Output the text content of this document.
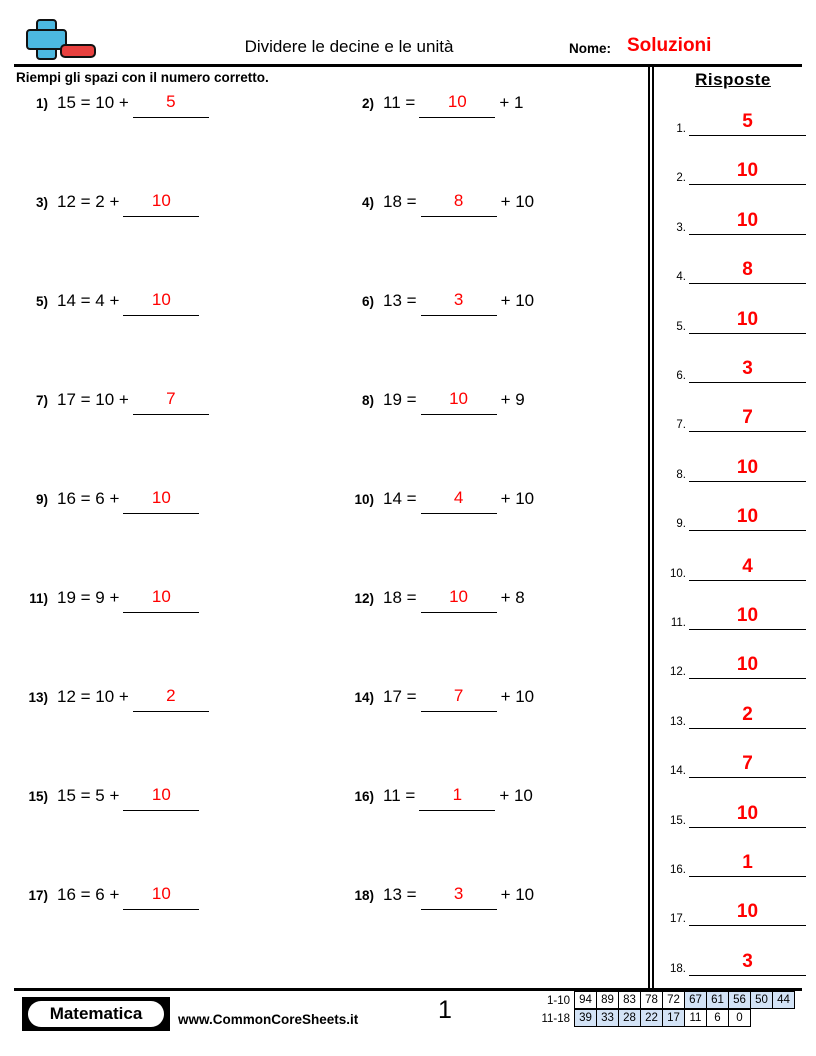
Dividere le decine e le unità	Nome: Soluzioni
Riempi gli spazi con il numero corretto.
1) 15 = 10 +	5	2) 11 =	10	+ 1
3) 12 = 2 +	10	4) 18 =	8	+ 10
5) 14 = 4 +	10	6) 13 =	3	+ 10
7) 17 = 10 +	7	8) 19 =	10	+ 9
9) 16 = 6 +	10	10) 14 =	4	+ 10
11) 19 = 9 +	10	12) 18 =	10	+ 8
13) 12 = 10 +	2	14) 17 =	7	+ 10
15) 15 = 5 +	10	16) 11 =	1	+ 10
17) 16 = 6 +	10	18) 13 =	3	+ 10
Risposte
1.	5
2.	10
3.	10
4.	8
5.	10
6.	3
7.	7
8.	10
9.	10
10.	4
11.	10
12.	10
13.	2
14.	7
15.	10
16.	1
17.	10
18.	3
Matematica	www.CommonCoreSheets.it	1	1-10 94 89 83 78 72 67 61 56 50 44
11-18 39 33 28 22 17 11	6	0
